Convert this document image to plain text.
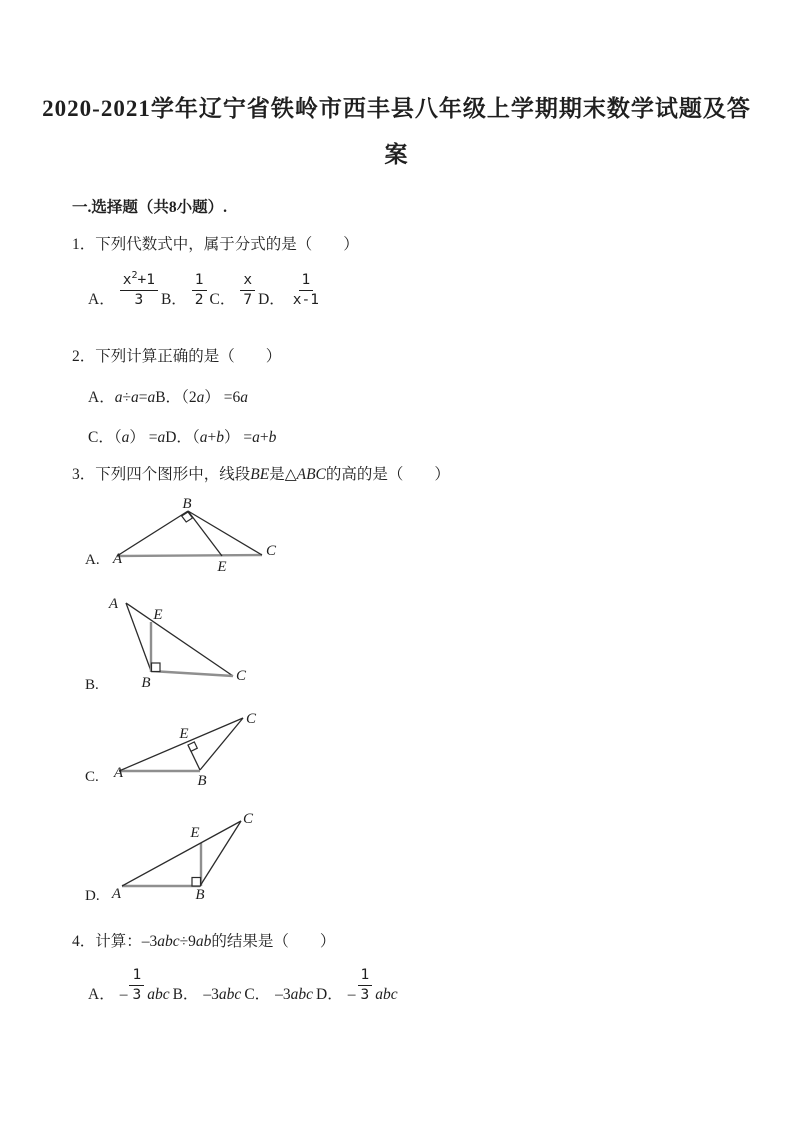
2020-2021学年辽宁省铁岭市西丰县八年级上学期期末数学试题及答
案
一.选择题（共8小题）.
1．下列代数式中，属于分式的是（　　）
A． $\frac{x^2+1}{3}$ B． $\frac{1}{2}$ C． $\frac{x}{7}$ D． $\frac{1}{x-1}$
2．下列计算正确的是（　　）
A．a÷a=aB．（2a） =6a
C．（a） =aD．（a+b） =a+b
3．下列四个图形中，线段BE是△ABC的高的是（　　）
A
B
C
E
A.
A
B	C
E
B.
A	B
C
E
C.
A	B
C
E
D.
4．计算：–3abc÷9ab的结果是（　　）
A． – $\frac{1}{3}$ abc B． –3abc C． –3abc D． – $\frac{1}{3}$ abc
